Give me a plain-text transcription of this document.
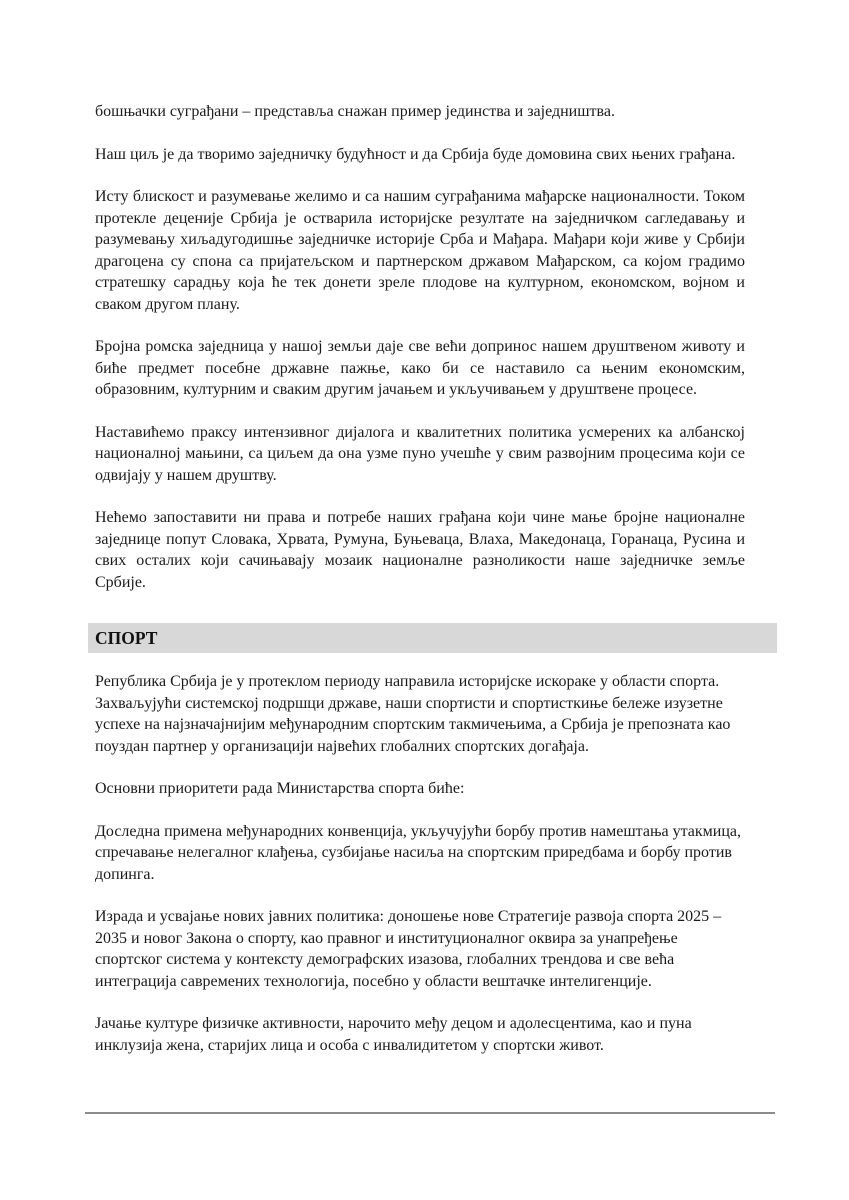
бошњачки суграђани – представља снажан пример јединства и заједништва.

Наш циљ је да творимо заједничку будућност и да Србија буде домовина свих њених грађана.

Исту блискост и разумевање желимо и са нашим суграђанима мађарске националности. Током протекле деценије Србија је остварила историјске резултате на заједничком сагледавању и разумевању хиљадугодишње заједничке историје Срба и Мађара. Мађари који живе у Србији драгоцена су спона са пријатељском и партнерском државом Мађарском, са којом градимо стратешку сарадњу која ће тек донети зреле плодове на културном, економском, војном и сваком другом плану.

Бројна ромска заједница у нашој земљи даје све већи допринос нашем друштвеном животу и биће предмет посебне државне пажње, како би се наставило са њеним економским, образовним, културним и сваким другим јачањем и укључивањем у друштвене процесе.

Наставићемо праксу интензивног дијалога и квалитетних политика усмерених ка албанској националној мањини, са циљем да она узме пуно учешће у свим развојним процесима који се одвијају у нашем друштву.

Нећемо запоставити ни права и потребе наших грађана који чине мање бројне националне заједнице попут Словака, Хрвата, Румуна, Буњеваца, Влаха, Македонаца, Горанаца, Русина и свих осталих који сачињавају мозаик националне разноликости наше заједничке земље Србије.

СПОРТ

Република Србија је у протеклом периоду направила историјске искораке у области спорта. Захваљујући системској подршци државе, наши спортисти и спортисткиње бележе изузетне успехе на најзначајнијим међународним спортским такмичењима, а Србија је препозната као поуздан партнер у организацији највећих глобалних спортских догађаја.

Основни приоритети рада Министарства спорта биће:

Доследна примена међународних конвенција, укључујући борбу против намештања утакмица, спречавање нелегалног клађења, сузбијање насиља на спортским приредбама и борбу против допинга.

Израда и усвајање нових јавних политика: доношење нове Стратегије развоја спорта 2025 – 2035 и новог Закона о спорту, као правног и институционалног оквира за унапређење спортског система у контексту демографских изазова, глобалних трендова и све већа интеграција савремених технологија, посебно у области вештачке интелигенције.

Јачање културе физичке активности, нарочито међу децом и адолесцентима, као и пуна инклузија жена, старијих лица и особа с инвалидитетом у спортски живот.
